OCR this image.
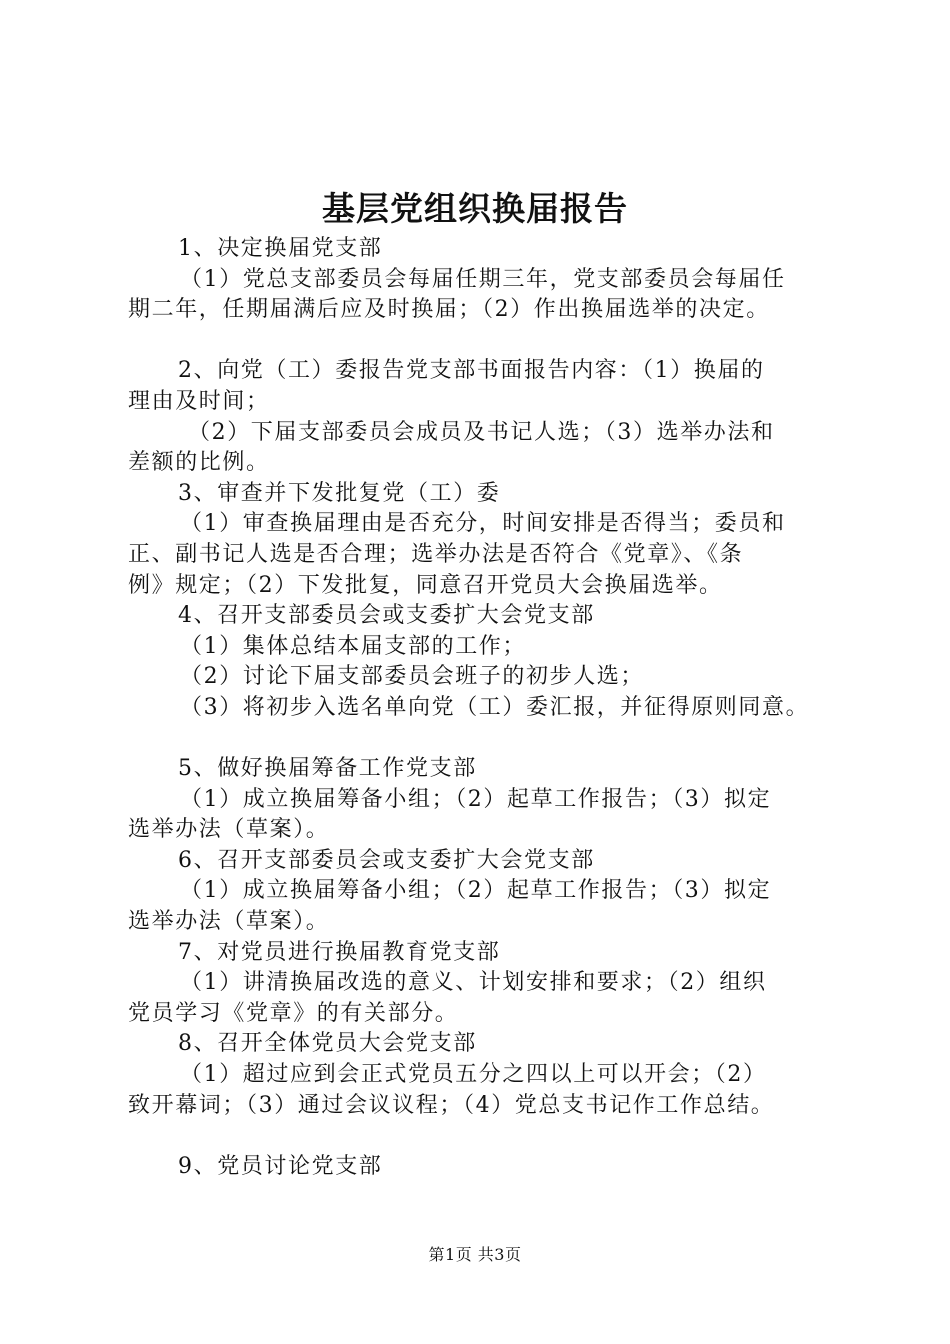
基层党组织换届报告
1、决定换届党支部
（1）党总支部委员会每届任期三年，党支部委员会每届任
期二年，任期届满后应及时换届；（2）作出换届选举的决定。
2、向党（工）委报告党支部书面报告内容：（1）换届的
理由及时间；
（2）下届支部委员会成员及书记人选；（3）选举办法和
差额的比例。
3、审查并下发批复党（工）委
（1）审查换届理由是否充分，时间安排是否得当；委员和
正、副书记人选是否合理；选举办法是否符合《党章》、《条
例》规定；（2）下发批复，同意召开党员大会换届选举。
4、召开支部委员会或支委扩大会党支部
（1）集体总结本届支部的工作；
（2）讨论下届支部委员会班子的初步人选；
（3）将初步入选名单向党（工）委汇报，并征得原则同意。
5、做好换届筹备工作党支部
（1）成立换届筹备小组；（2）起草工作报告；（3）拟定
选举办法（草案）。
6、召开支部委员会或支委扩大会党支部
（1）成立换届筹备小组；（2）起草工作报告；（3）拟定
选举办法（草案）。
7、对党员进行换届教育党支部
（1）讲清换届改选的意义、计划安排和要求；（2）组织
党员学习《党章》的有关部分。
8、召开全体党员大会党支部
（1）超过应到会正式党员五分之四以上可以开会；（2）
致开幕词；（3）通过会议议程；（4）党总支书记作工作总结。
9、党员讨论党支部
第1页 共3页
